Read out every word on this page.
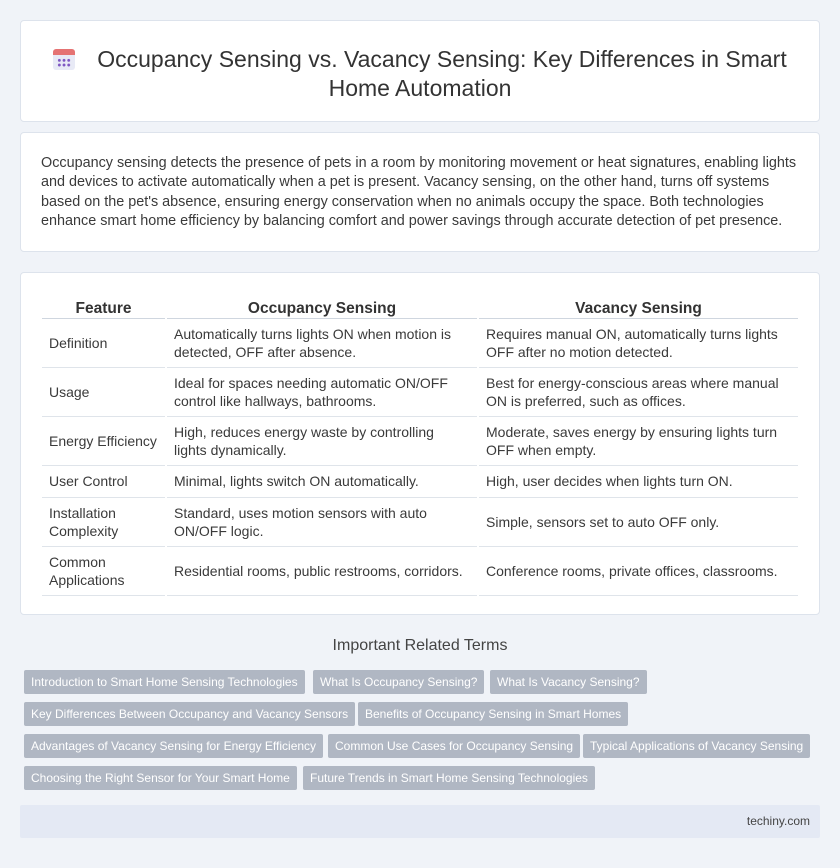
Occupancy Sensing vs. Vacancy Sensing: Key Differences in Smart Home Automation

Occupancy sensing detects the presence of pets in a room by monitoring movement or heat signatures, enabling lights and devices to activate automatically when a pet is present. Vacancy sensing, on the other hand, turns off systems based on the pet's absence, ensuring energy conservation when no animals occupy the space. Both technologies enhance smart home efficiency by balancing comfort and power savings through accurate detection of pet presence.

Feature	Occupancy Sensing	Vacancy Sensing
Definition	Automatically turns lights ON when motion is detected, OFF after absence.	Requires manual ON, automatically turns lights OFF after no motion detected.
Usage	Ideal for spaces needing automatic ON/OFF control like hallways, bathrooms.	Best for energy-conscious areas where manual ON is preferred, such as offices.
Energy Efficiency	High, reduces energy waste by controlling lights dynamically.	Moderate, saves energy by ensuring lights turn OFF when empty.
User Control	Minimal, lights switch ON automatically.	High, user decides when lights turn ON.
Installation Complexity	Standard, uses motion sensors with auto ON/OFF logic.	Simple, sensors set to auto OFF only.
Common Applications	Residential rooms, public restrooms, corridors.	Conference rooms, private offices, classrooms.
Important Related Terms
Introduction to Smart Home Sensing Technologies	What Is Occupancy Sensing?	What Is Vacancy Sensing?
Key Differences Between Occupancy and Vacancy Sensors	Benefits of Occupancy Sensing in Smart Homes
Advantages of Vacancy Sensing for Energy Efficiency	Common Use Cases for Occupancy Sensing	Typical Applications of Vacancy Sensing
Choosing the Right Sensor for Your Smart Home	Future Trends in Smart Home Sensing Technologies
techiny.com
